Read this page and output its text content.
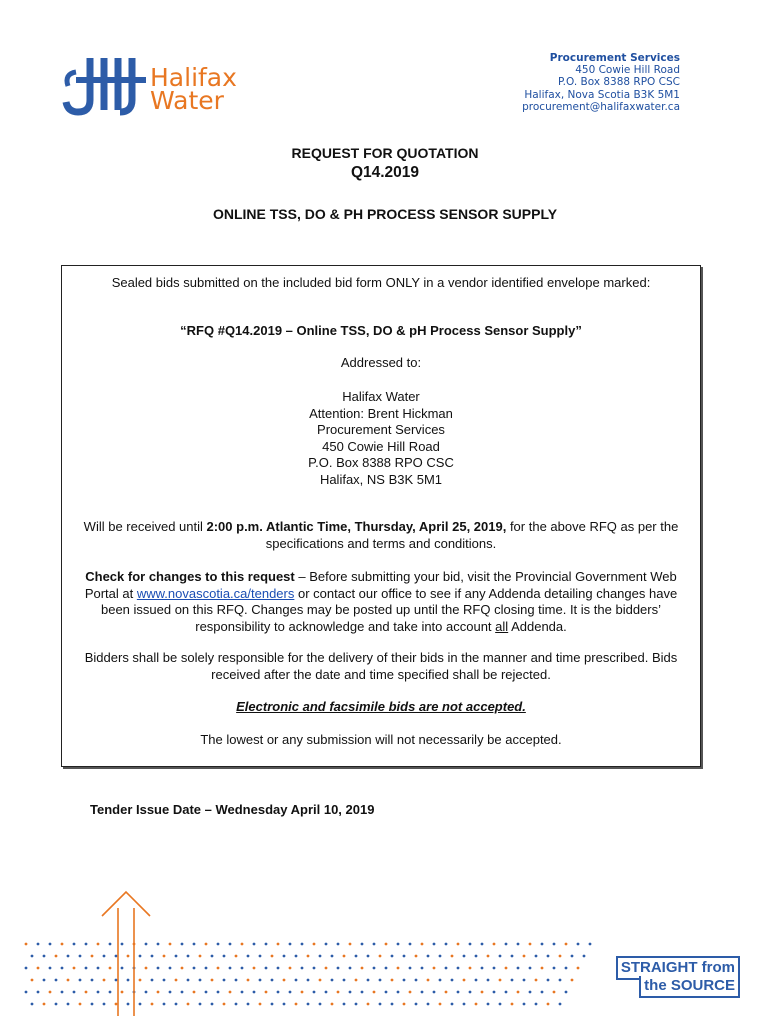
Halifax
Water
Procurement Services
450 Cowie Hill Road
P.O. Box 8388 RPO CSC
Halifax, Nova Scotia B3K 5M1
procurement@halifaxwater.ca
REQUEST FOR QUOTATION
Q14.2019
ONLINE TSS, DO & PH PROCESS SENSOR SUPPLY

Sealed bids submitted on the included bid form ONLY in a vendor identified envelope marked:

“RFQ #Q14.2019 – Online TSS, DO & pH Process Sensor Supply”

Addressed to:

Halifax Water

Attention: Brent Hickman

Procurement Services

450 Cowie Hill Road

P.O. Box 8388 RPO CSC

Halifax, NS B3K 5M1

Will be received until 2:00 p.m. Atlantic Time, Thursday, April 25, 2019, for the above RFQ as per the specifications and terms and conditions.

Check for changes to this request – Before submitting your bid, visit the Provincial Government Web Portal at www.novascotia.ca/tenders or contact our office to see if any Addenda detailing changes have been issued on this RFQ. Changes may be posted up until the RFQ closing time. It is the bidders’ responsibility to acknowledge and take into account all Addenda.

Bidders shall be solely responsible for the delivery of their bids in the manner and time prescribed. Bids received after the date and time specified shall be rejected.

Electronic and facsimile bids are not accepted.

The lowest or any submission will not necessarily be accepted.

Tender Issue Date – Wednesday April 10, 2019
STRAIGHT from
the SOURCE
